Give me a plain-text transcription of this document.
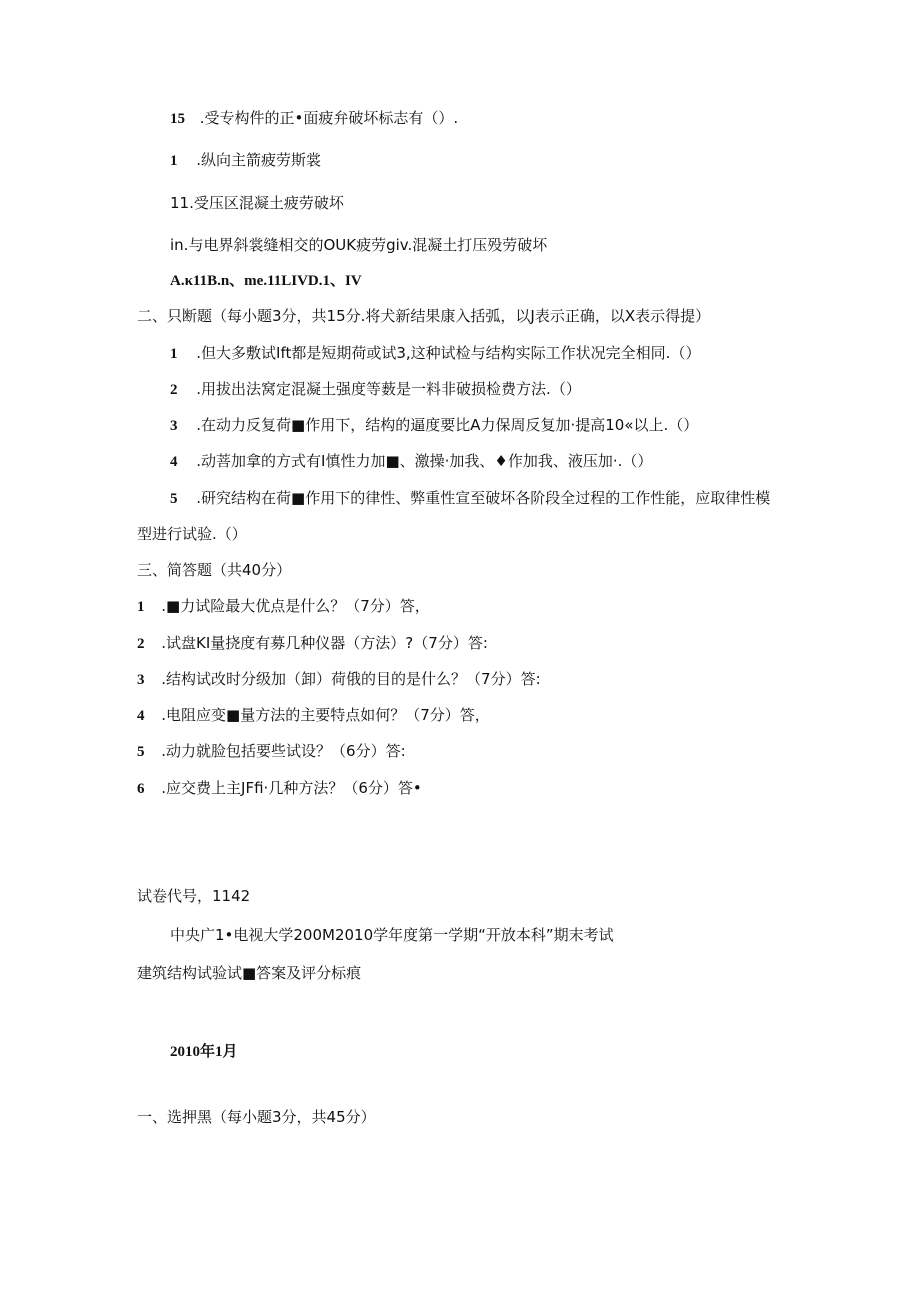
15 .受专构件的正•面疲弁破坏标志有（）.
1 .纵向主箭疲劳斯裳
11.受压区混凝土疲劳破坏
in.与电界斜裳缝相交的OUK疲劳giv.混凝土打压殁劳破坏
A.κ11B.n、me.11LIVD.1、IV
二、只断题（每小题3分，共15分.将犬新结果康入括弧，以J表示正确，以X表示得提）
1 .但大多敷试Ift都是短期荷或试3,这种试检与结构实际工作状况完全相同.（）
2 .用拔出法窝定混凝土强度等薮是一料非破损检费方法.（）
3 .在动力反复荷■作用下，结构的逼度要比A力保周反复加·提高10«以上.（）
4 .动菩加拿的方式有I慎性力加■、激操·加我、♦作加我、液压加·.（）
5 .研究结构在荷■作用下的律性、弊重性宣至破坏各阶段全过程的工作性能，应取律性模
型进行试验.（）
三、简答题（共40分）
1 .■力试险最大优点是什么？（7分）答，
2 .试盘KI量挠度有募几种仪器（方法）?（7分）答:
3 .结构试改时分级加（卸）荷俄的目的是什么？（7分）答:
4 .电阻应变■量方法的主要特点如何？（7分）答，
5 .动力就脸包括要些试设？（6分）答:
6 .应交费上主JFfi·几种方法？（6分）答•
试卷代号，1142
中央广1•电视大学200M2010学年度第一学期“开放本科”期末考试
建筑结构试验试■答案及评分标痕
2010年1月
一、选押黑（每小题3分，共45分）
